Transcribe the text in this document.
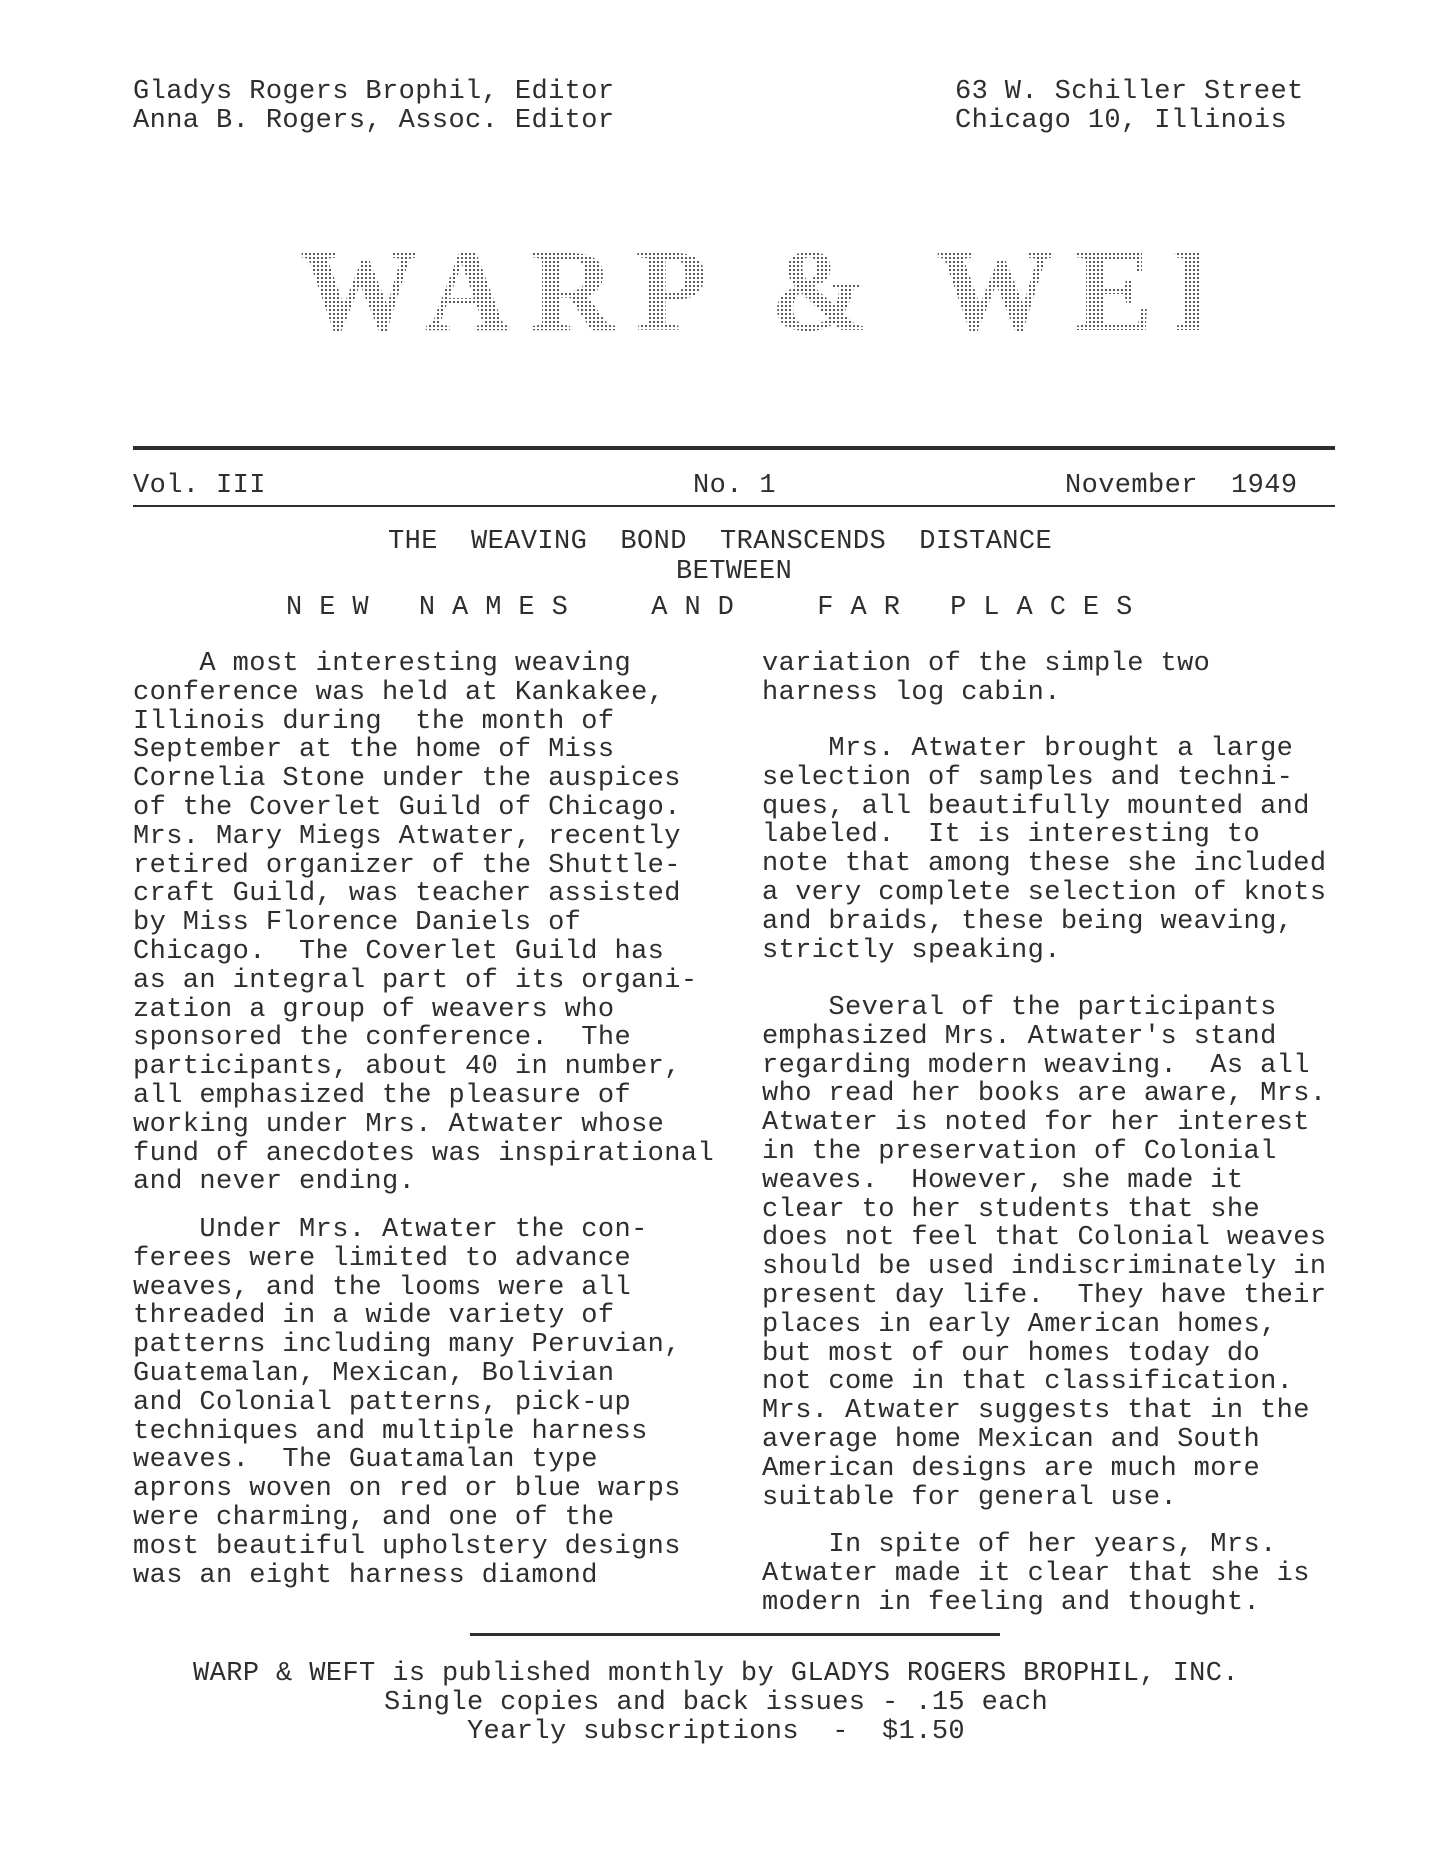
Gladys Rogers Brophil, Editor
Anna B. Rogers, Assoc. Editor
63 W. Schiller Street
Chicago 10, Illinois
WARP & WEFT
Vol. III	No. 1	November  1949
THE  WEAVING  BOND  TRANSCENDS  DISTANCE
BETWEEN
N E W   N A M E S     A N D     F A R   P L A C E S
A most interesting weaving
conference was held at Kankakee,
Illinois during  the month of
September at the home of Miss
Cornelia Stone under the auspices
of the Coverlet Guild of Chicago.
Mrs. Mary Miegs Atwater, recently
retired organizer of the Shuttle-
craft Guild, was teacher assisted
by Miss Florence Daniels of
Chicago.  The Coverlet Guild has
as an integral part of its organi-
zation a group of weavers who
sponsored the conference.  The
participants, about 40 in number,
all emphasized the pleasure of
working under Mrs. Atwater whose
fund of anecdotes was inspirational
and never ending.
Under Mrs. Atwater the con-
ferees were limited to advance
weaves, and the looms were all
threaded in a wide variety of
patterns including many Peruvian,
Guatemalan, Mexican, Bolivian
and Colonial patterns, pick-up
techniques and multiple harness
weaves.  The Guatamalan type
aprons woven on red or blue warps
were charming, and one of the
most beautiful upholstery designs
was an eight harness diamond
variation of the simple two
harness log cabin.
Mrs. Atwater brought a large
selection of samples and techni-
ques, all beautifully mounted and
labeled.  It is interesting to
note that among these she included
a very complete selection of knots
and braids, these being weaving,
strictly speaking.
Several of the participants
emphasized Mrs. Atwater's stand
regarding modern weaving.  As all
who read her books are aware, Mrs.
Atwater is noted for her interest
in the preservation of Colonial
weaves.  However, she made it
clear to her students that she
does not feel that Colonial weaves
should be used indiscriminately in
present day life.  They have their
places in early American homes,
but most of our homes today do
not come in that classification.
Mrs. Atwater suggests that in the
average home Mexican and South
American designs are much more
suitable for general use.
In spite of her years, Mrs.
Atwater made it clear that she is
modern in feeling and thought.
WARP & WEFT is published monthly by GLADYS ROGERS BROPHIL, INC.
Single copies and back issues - .15 each
Yearly subscriptions  -  $1.50
